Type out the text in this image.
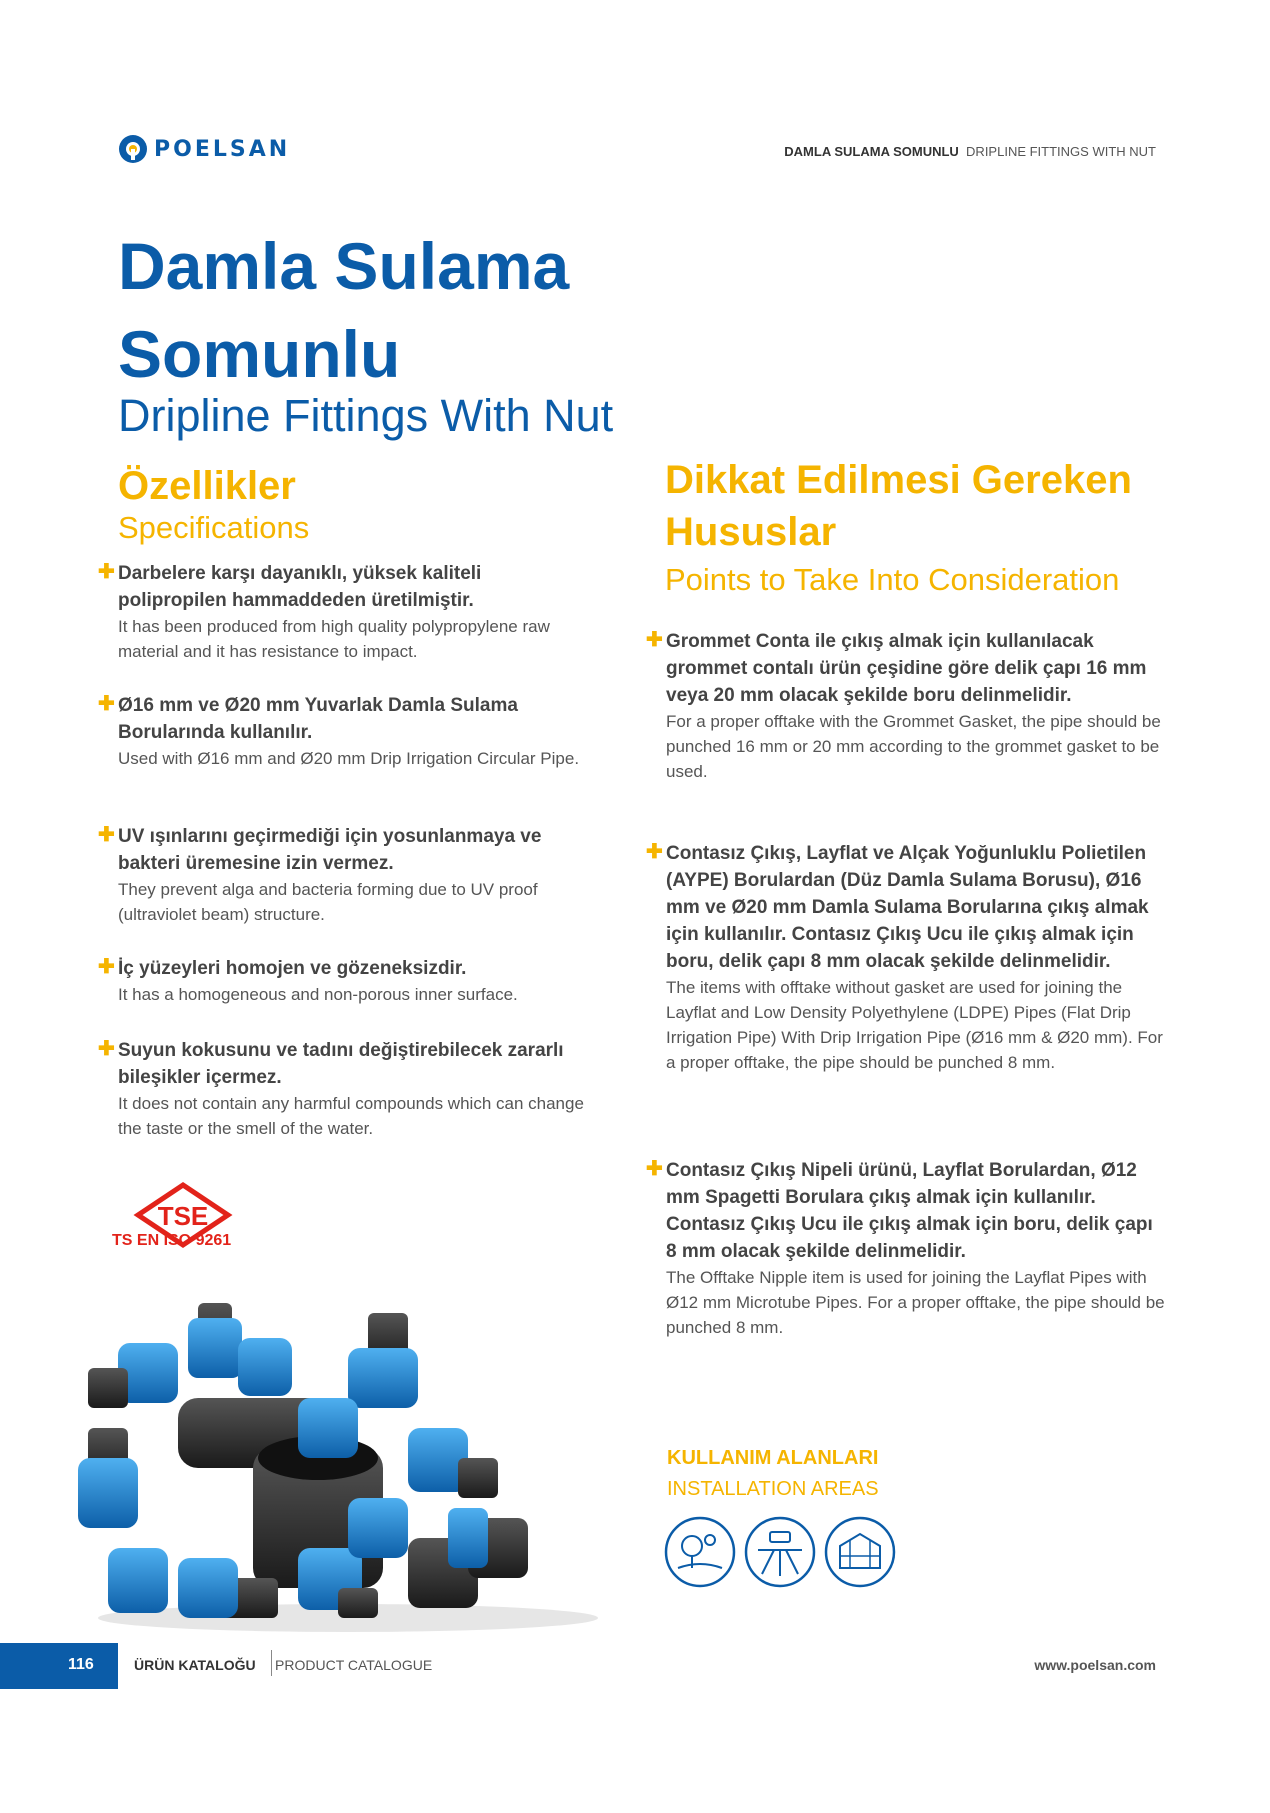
POELSAN	DAMLA SULAMA SOMUNLU DRIPLINE FITTINGS WITH NUT
Damla Sulama Somunlu
Dripline Fittings With Nut
Özellikler
Specifications
✚ Darbelere karşı dayanıklı, yüksek kaliteli polipropilen hammaddeden üretilmiştir.
It has been produced from high quality polypropylene raw material and it has resistance to impact.
✚ Ø16 mm ve Ø20 mm Yuvarlak Damla Sulama Borularında kullanılır.
Used with Ø16 mm and Ø20 mm Drip Irrigation Circular Pipe.
✚ UV ışınlarını geçirmediği için yosunlanmaya ve bakteri üremesine izin vermez.
They prevent alga and bacteria forming due to UV proof (ultraviolet beam) structure.
✚ İç yüzeyleri homojen ve gözeneksizdir.
It has a homogeneous and non-porous inner surface.
✚ Suyun kokusunu ve tadını değiştirebilecek zararlı bileşikler içermez.
It does not contain any harmful compounds which can change the taste or the smell of the water.
Dikkat Edilmesi Gereken Hususlar
Points to Take Into Consideration
✚ Grommet Conta ile çıkış almak için kullanılacak grommet contalı ürün çeşidine göre delik çapı 16 mm veya 20 mm olacak şekilde boru delinmelidir.
For a proper offtake with the Grommet Gasket, the pipe should be punched 16 mm or 20 mm according to the grommet gasket to be used.
✚ Contasız Çıkış, Layflat ve Alçak Yoğunluklu Polietilen (AYPE) Borulardan (Düz Damla Sulama Borusu), Ø16 mm ve Ø20 mm Damla Sulama Borularına çıkış almak için kullanılır. Contasız Çıkış Ucu ile çıkış almak için boru, delik çapı 8 mm olacak şekilde delinmelidir.
The items with offtake without gasket are used for joining the Layflat and Low Density Polyethylene (LDPE) Pipes (Flat Drip Irrigation Pipe) With Drip Irrigation Pipe (Ø16 mm & Ø20 mm). For a proper offtake, the pipe should be punched 8 mm.
✚ Contasız Çıkış Nipeli ürünü, Layflat Borulardan, Ø12 mm Spagetti Borulara çıkış almak için kullanılır. Contasız Çıkış Ucu ile çıkış almak için boru, delik çapı 8 mm olacak şekilde delinmelidir.
The Offtake Nipple item is used for joining the Layflat Pipes with Ø12 mm Microtube Pipes. For a proper offtake, the pipe should be punched 8 mm.
TSE
TS EN ISO 9261
KULLANIM ALANLARI
INSTALLATION AREAS
116	ÜRÜN KATALOĞU PRODUCT CATALOGUE	www.poelsan.com
